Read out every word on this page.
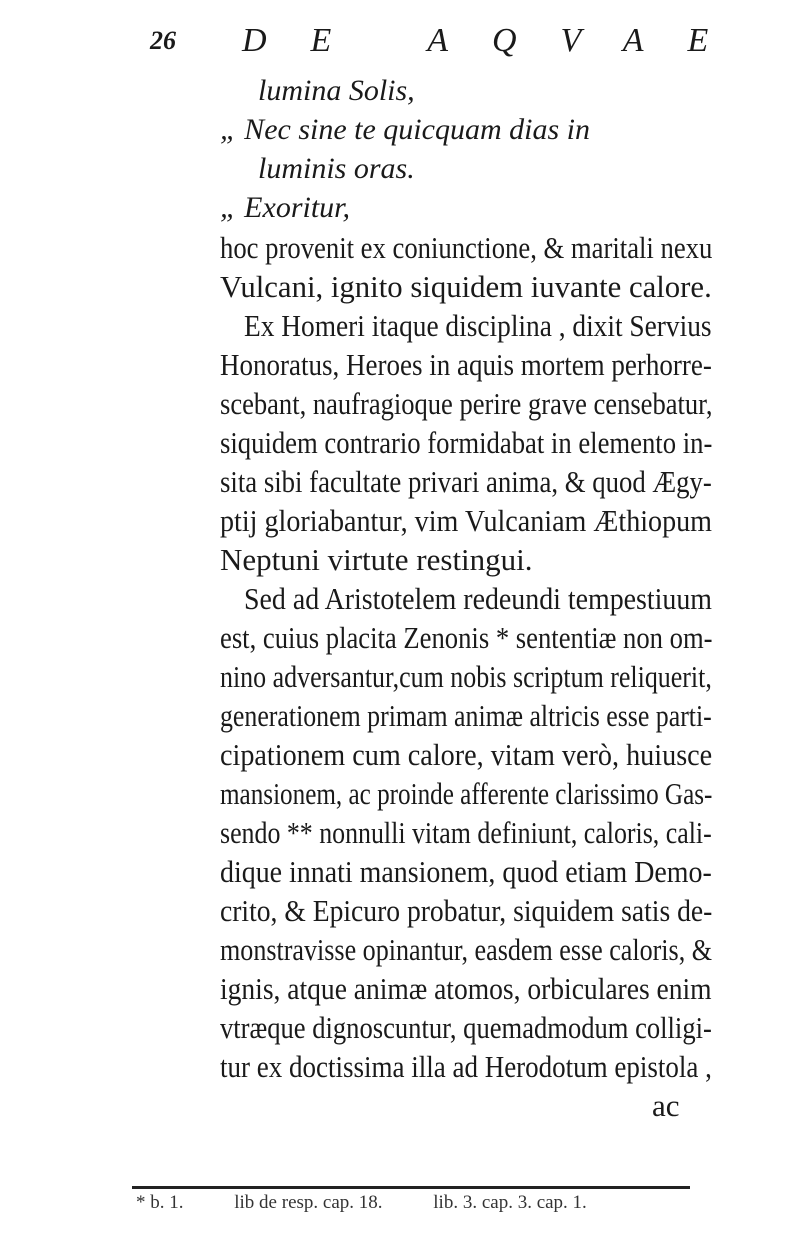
26 DE AQVAE
lumina Solis,
„ Nec sine te quicquam dias in
luminis oras.
„ Exoritur,
hoc provenit ex coniunctione, & maritali nexu
Vulcani, ignito siquidem iuvante calore.
Ex Homeri itaque disciplina , dixit Servius
Honoratus, Heroes in aquis mortem perhorre-
scebant, naufragioque perire grave censebatur,
siquidem contrario formidabat in elemento in-
sita sibi facultate privari anima, & quod Ægy-
ptij gloriabantur, vim Vulcaniam Æthiopum
Neptuni virtute restingui.
Sed ad Aristotelem redeundi tempestiuum
est, cuius placita Zenonis * sententiæ non om-
nino adversantur,cum nobis scriptum reliquerit,
generationem primam animæ altricis esse parti-
cipationem cum calore, vitam verò, huiusce
mansionem, ac proinde afferente clarissimo Gas-
sendo ** nonnulli vitam definiunt, caloris, cali-
dique innati mansionem, quod etiam Demo-
crito, & Epicuro probatur, siquidem satis de-
monstravisse opinantur, easdem esse caloris, &
ignis, atque animæ atomos, orbiculares enim
vtræque dignoscuntur, quemadmodum colligi-
tur ex doctissima illa ad Herodotum epistola ,
ac
* b. 1.	lib de resp. cap. 18.	lib. 3. cap. 3. cap. 1.
